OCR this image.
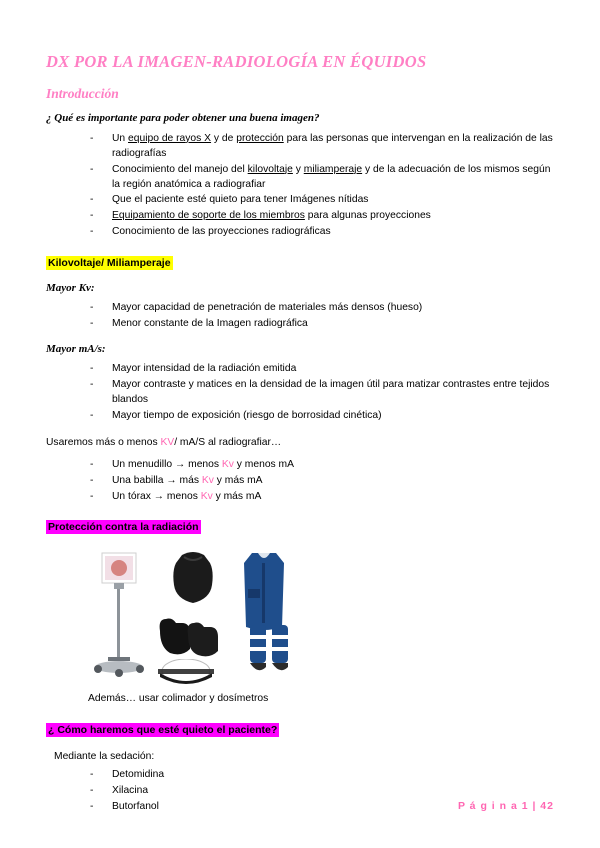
DX POR LA IMAGEN-RADIOLOGÍA EN ÉQUIDOS
Introducción

¿ Qué es importante para poder obtener una buena imagen?

- Un equipo de rayos X y de protección para las personas que intervengan en la realización de las radiografías
- Conocimiento del manejo del kilovoltaje y miliamperaje y de la adecuación de los mismos según la región anatómica a radiografiar
- Que el paciente esté quieto para tener Imágenes nítidas
- Equipamiento de soporte de los miembros para algunas proyecciones
- Conocimiento de las proyecciones radiográficas
Kilovoltaje/ Miliamperaje
Mayor Kv:
- Mayor capacidad de penetración de materiales más densos (hueso)
- Menor constante de la Imagen radiográfica
Mayor mA/s:
- Mayor intensidad de la radiación emitida
- Mayor contraste y matices en la densidad de la imagen útil para matizar contrastes entre tejidos blandos
- Mayor tiempo de exposición (riesgo de borrosidad cinética)

Usaremos más o menos KV/ mA/S al radiografiar…

- Un menudillo → menos Kv y menos mA
- Una babilla → más Kv y más mA
- Un tórax → menos Kv y más mA
Protección contra la radiación
Además… usar colimador y dosímetros
¿ Cómo haremos que esté quieto el paciente?
Mediante la sedación:
- Detomidina
- Xilacina
- Butorfanol	P á g i n a 1 | 42
